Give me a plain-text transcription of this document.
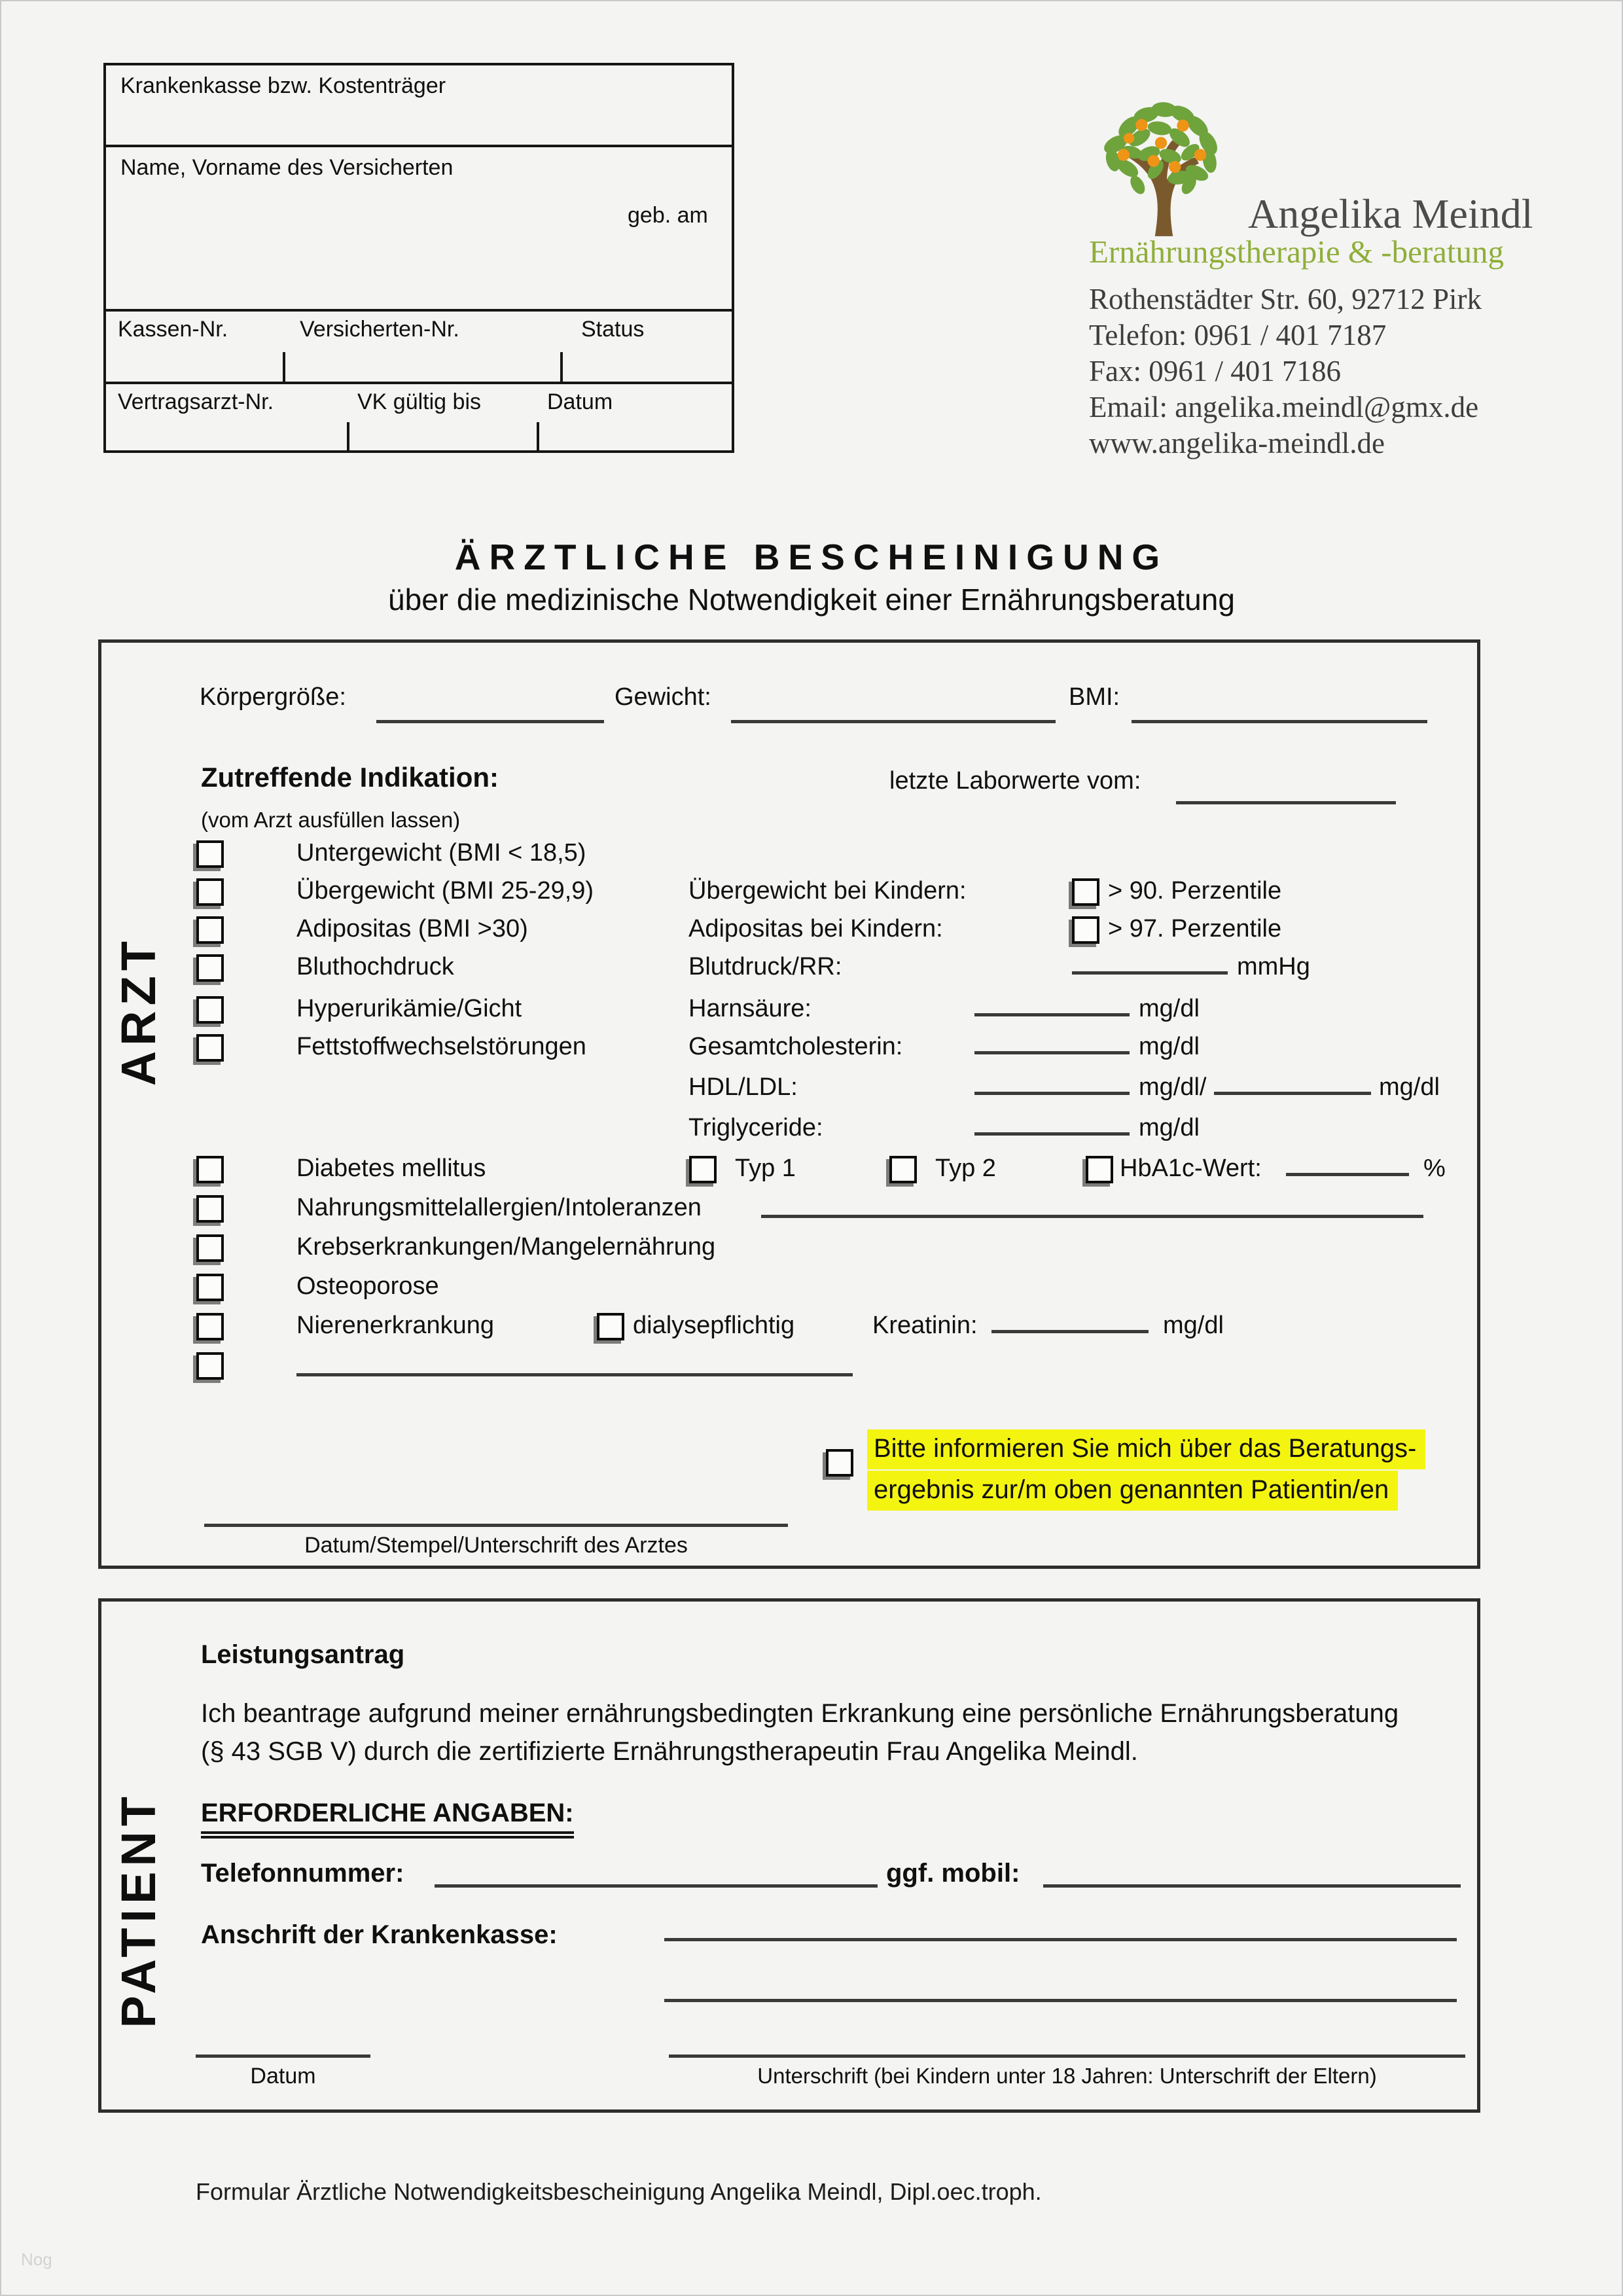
Krankenkasse bzw. Kostenträger
Name, Vorname des Versicherten
geb. am
Kassen-Nr.	Versicherten-Nr.	Status
Vertragsarzt-Nr.	VK gültig bis	Datum
Angelika Meindl
Ernährungstherapie & -beratung
Rothenstädter Str. 60, 92712 Pirk
Telefon: 0961 / 401 7187
Fax: 0961 / 401 7186
Email: angelika.meindl@gmx.de
www.angelika-meindl.de
ÄRZTLICHE BESCHEINIGUNG
über die medizinische Notwendigkeit einer Ernährungsberatung
ARZT
Körpergröße:	Gewicht:	BMI:
Zutreffende Indikation:	letzte Laborwerte vom:
(vom Arzt ausfüllen lassen)
Untergewicht (BMI < 18,5)
Übergewicht (BMI 25-29,9)	Übergewicht bei Kindern:	> 90. Perzentile
Adipositas (BMI >30)	Adipositas bei Kindern:	> 97. Perzentile
Bluthochdruck	Blutdruck/RR:	mmHg
Hyperurikämie/Gicht	Harnsäure:	mg/dl
Fettstoffwechselstörungen	Gesamtcholesterin:	mg/dl
HDL/LDL:	mg/dl/	mg/dl
Triglyceride:	mg/dl
Diabetes mellitus	Typ 1	Typ 2	HbA1c-Wert:	%
Nahrungsmittelallergien/Intoleranzen
Krebserkrankungen/Mangelernährung
Osteoporose
Nierenerkrankung	dialysepflichtig	Kreatinin:	mg/dl
Bitte informieren Sie mich über das Beratungs-
ergebnis zur/m oben genannten Patientin/en
Datum/Stempel/Unterschrift des Arztes
PATIENT
Leistungsantrag
Ich beantrage aufgrund meiner ernährungsbedingten Erkrankung eine persönliche Ernährungsberatung
(§ 43 SGB V) durch die zertifizierte Ernährungstherapeutin Frau Angelika Meindl.
ERFORDERLICHE ANGABEN:
Telefonnummer:	ggf. mobil:
Anschrift der Krankenkasse:
Datum	Unterschrift (bei Kindern unter 18 Jahren: Unterschrift der Eltern)
Formular Ärztliche Notwendigkeitsbescheinigung Angelika Meindl, Dipl.oec.troph.
Nog
